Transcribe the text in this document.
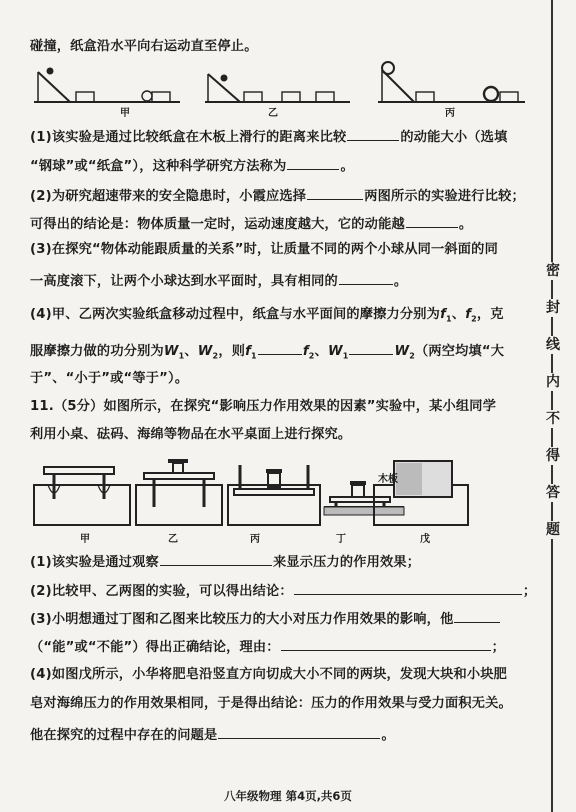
密
封
线
内
不
得
答
题
碰撞，纸盒沿水平向右运动直至停止。
甲	乙	丙
(1)该实验是通过比较纸盒在木板上滑行的距离来比较	的动能大小（选填
“钢球”或“纸盒”），这种科学研究方法称为	。
(2)为研究超速带来的安全隐患时，小霞应选择	两图所示的实验进行比较；
可得出的结论是：物体质量一定时，运动速度越大，它的动能越	。
(3)在探究“物体动能跟质量的关系”时，让质量不同的两个小球从同一斜面的同
一高度滚下，让两个小球达到水平面时，具有相同的	。
(4)甲、乙两次实验纸盒移动过程中，纸盒与水平面间的摩擦力分别为$f_1$、$f_2$，克
服摩擦力做的功分别为$W_1$、$W_2$，则$f_1$	$f_2$、$W_1$	$W_2$（两空均填“大
于”、“小于”或“等于”）。
11.（5分）如图所示，在探究“影响压力作用效果的因素”实验中，某小组同学
利用小桌、砝码、海绵等物品在水平桌面上进行探究。
木板
甲	乙	丙	丁	戊
(1)该实验是通过观察	来显示压力的作用效果；
(2)比较甲、乙两图的实验，可以得出结论：	；
(3)小明想通过丁图和乙图来比较压力的大小对压力作用效果的影响，他
（“能”或“不能”）得出正确结论，理由：	；
(4)如图戊所示，小华将肥皂沿竖直方向切成大小不同的两块，发现大块和小块肥
皂对海绵压力的作用效果相同，于是得出结论：压力的作用效果与受力面积无关。
他在探究的过程中存在的问题是	。
八年级物理 第4页,共6页
